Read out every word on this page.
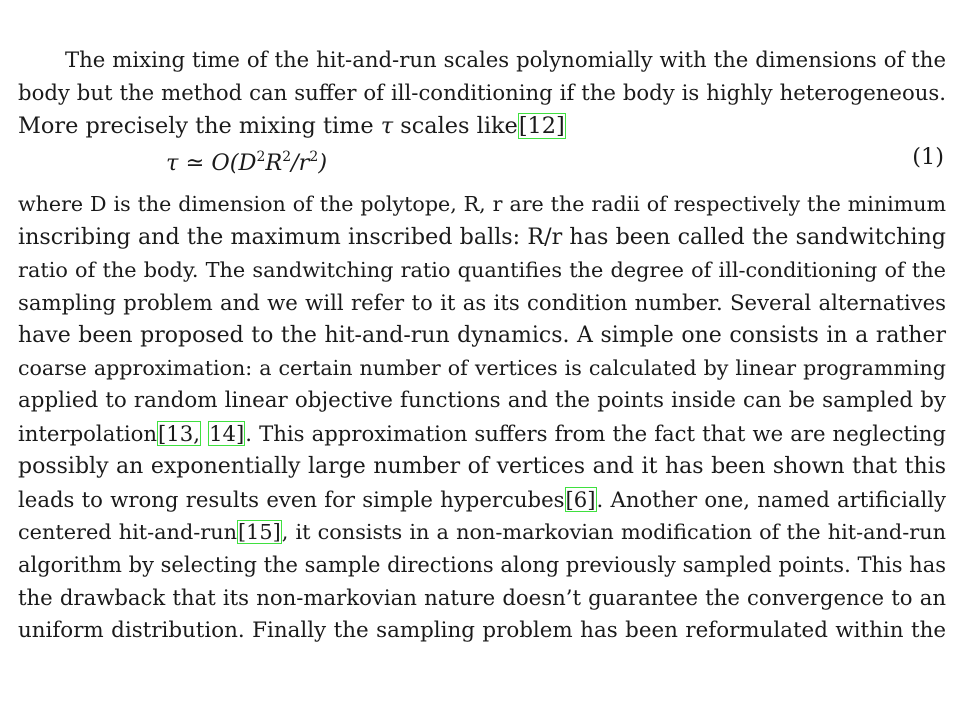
The mixing time of the hit-and-run scales polynomially with the dimensions of the
body but the method can suffer of ill-conditioning if the body is highly heterogeneous.
More precisely the mixing time τ scales like[12]
τ ≃ $O(D^2R^2/r^2)$	(1)
where D is the dimension of the polytope, R, r are the radii of respectively the minimum
inscribing and the maximum inscribed balls: R/r has been called the sandwitching
ratio of the body. The sandwitching ratio quantifies the degree of ill-conditioning of the
sampling problem and we will refer to it as its condition number. Several alternatives
have been proposed to the hit-and-run dynamics. A simple one consists in a rather
coarse approximation: a certain number of vertices is calculated by linear programming
applied to random linear objective functions and the points inside can be sampled by
interpolation[13, 14]. This approximation suffers from the fact that we are neglecting
possibly an exponentially large number of vertices and it has been shown that this
leads to wrong results even for simple hypercubes[6]. Another one, named artificially
centered hit-and-run[15], it consists in a non-markovian modification of the hit-and-run
algorithm by selecting the sample directions along previously sampled points. This has
the drawback that its non-markovian nature doesn’t guarantee the convergence to an
uniform distribution. Finally the sampling problem has been reformulated within the
